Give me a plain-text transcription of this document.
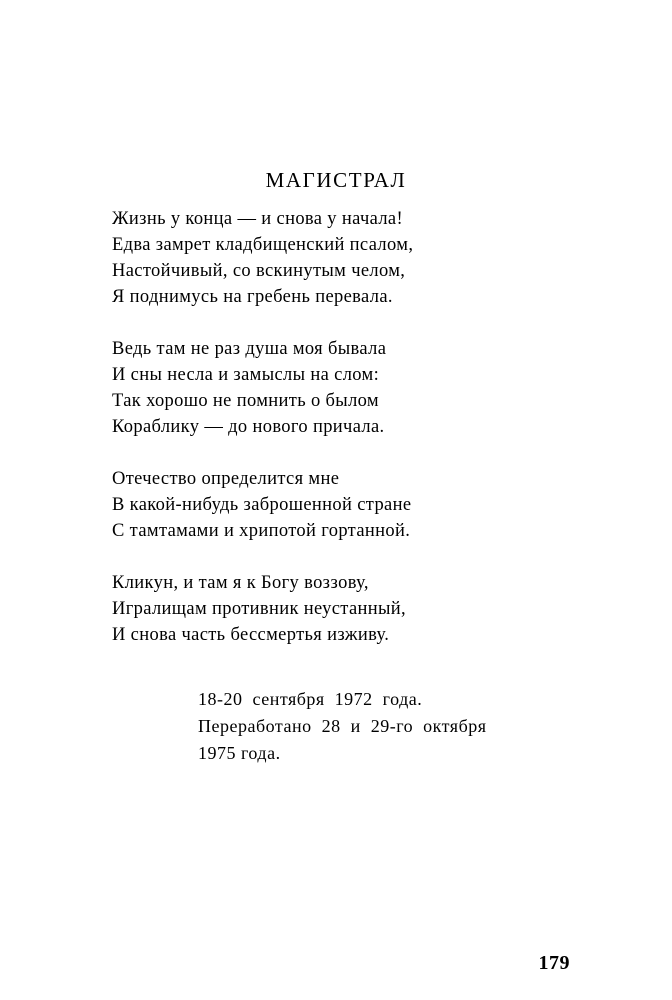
МАГИСТРАЛ
Жизнь у конца — и снова у начала!
Едва замрет кладбищенский псалом,
Настойчивый, со вскинутым челом,
Я поднимусь на гребень перевала.
Ведь там не раз душа моя бывала
И сны несла и замыслы на слом:
Так хорошо не помнить о былом
Кораблику — до нового причала.
Отечество определится мне
В какой-нибудь заброшенной стране
С тамтамами и хрипотой гортанной.
Кликун, и там я к Богу воззову,
Игралищам противник неустанный,
И снова часть бессмертья изживу.
18-20  сентября  1972  года.
Переработано  28  и  29-го  октября
1975 года.
179
